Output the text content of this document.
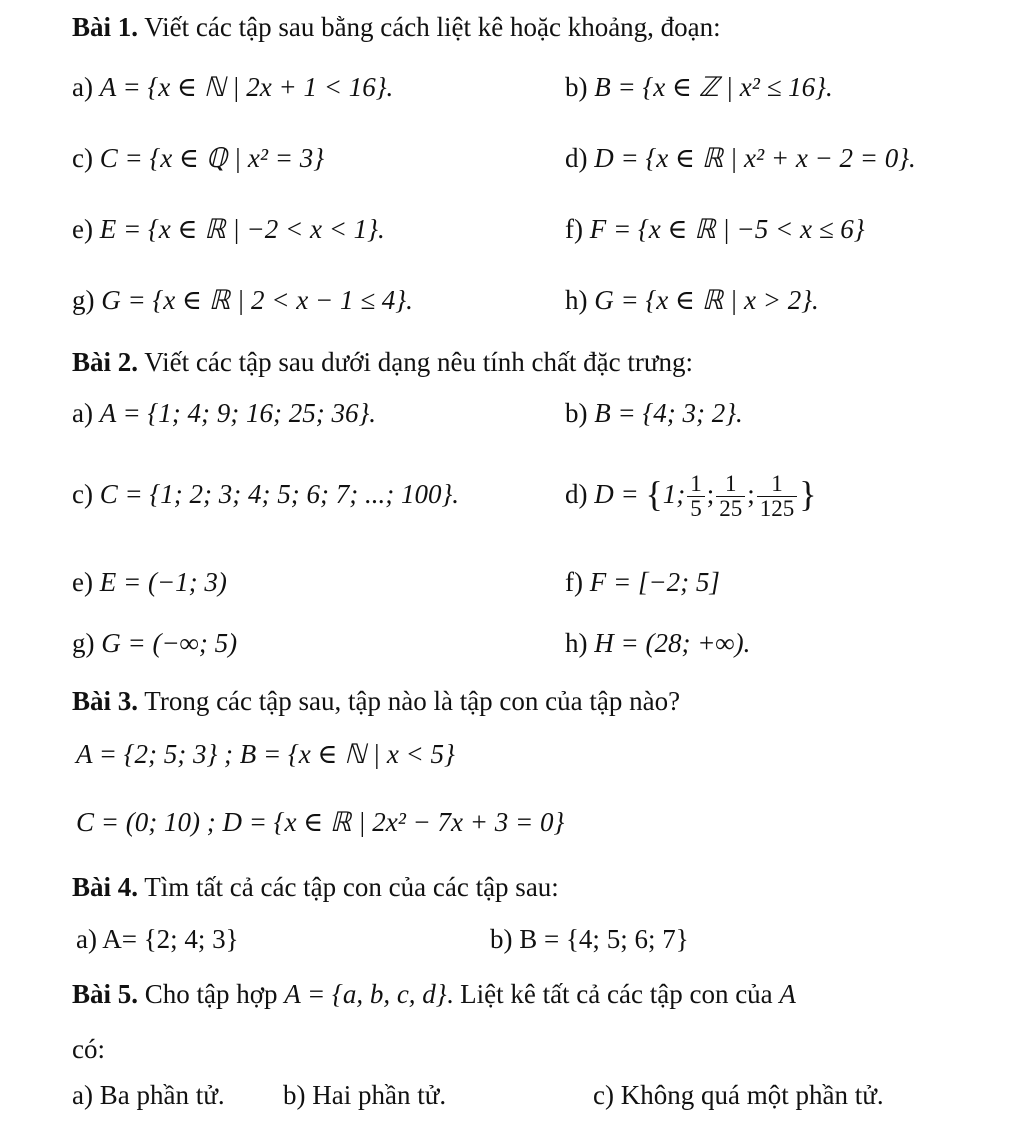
Bài 1. Viết các tập sau bằng cách liệt kê hoặc khoảng, đoạn:
a) A = {x ∈ ℕ | 2x + 1 < 16}.	b) B = {x ∈ ℤ | x² ≤ 16}.
c) C = {x ∈ ℚ | x² = 3}	d) D = {x ∈ ℝ | x² + x − 2 = 0}.
e) E = {x ∈ ℝ | −2 < x < 1}.	f) F = {x ∈ ℝ | −5 < x ≤ 6}
g) G = {x ∈ ℝ | 2 < x − 1 ≤ 4}.	h) G = {x ∈ ℝ | x > 2}.
Bài 2. Viết các tập sau dưới dạng nêu tính chất đặc trưng:
a) A = {1; 4; 9; 16; 25; 36}.	b) B = {4; 3; 2}.
c) C = {1; 2; 3; 4; 5; 6; 7; ...; 100}.	d) D = {1; $\frac{1}{5}$ ; $\frac{1}{25}$ ; $\frac{1}{125}$ }
e) E = (−1; 3)	f) F = [−2; 5]
g) G = (−∞; 5)	h) H = (28; +∞).
Bài 3. Trong các tập sau, tập nào là tập con của tập nào?
A = {2; 5; 3} ; B = {x ∈ ℕ | x < 5}
C = (0; 10) ; D = {x ∈ ℝ | 2x² − 7x + 3 = 0}
Bài 4. Tìm tất cả các tập con của các tập sau:
a) A= {2; 4; 3}	b) B = {4; 5; 6; 7}
Bài 5. Cho tập hợp A = {a, b, c, d}. Liệt kê tất cả các tập con của A
có:
a) Ba phần tử. b) Hai phần tử.	c) Không quá một phần tử.
